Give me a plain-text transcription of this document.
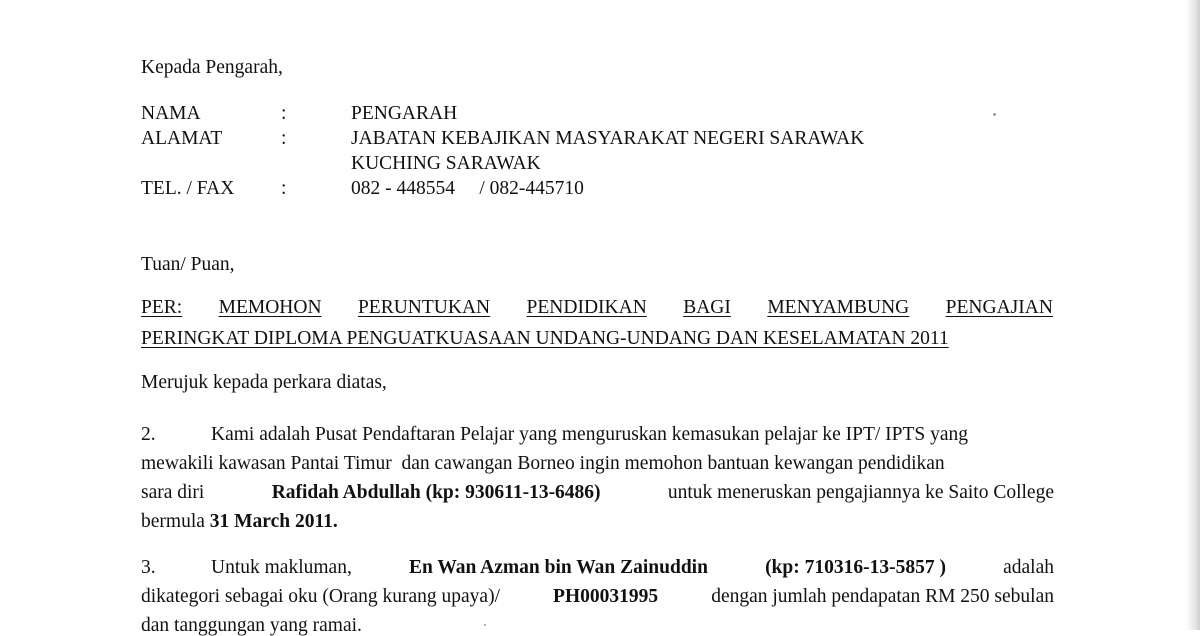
Kepada Pengarah,
NAMA	:	PENGARAH
ALAMAT	:	JABATAN KEBAJIKAN MASYARAKAT NEGERI SARAWAK
KUCHING SARAWAK
TEL. / FAX :	082 - 448554     / 082-445710
Tuan/ Puan,
PER: MEMOHON PERUNTUKAN PENDIDIKAN BAGI MENYAMBUNG PENGAJIAN
PERINGKAT DIPLOMA PENGUATKUASAAN UNDANG-UNDANG DAN KESELAMATAN 2011
Merujuk kepada perkara diatas,
2.	Kami adalah Pusat Pendaftaran Pelajar yang menguruskan kemasukan pelajar ke IPT/ IPTS yang
mewakili kawasan Pantai Timur  dan cawangan Borneo ingin memohon bantuan kewangan pendidikan
sara diri	Rafidah Abdullah (kp: 930611-13-6486)	untuk meneruskan pengajiannya ke Saito College
bermula 31 March 2011.
3.	Untuk makluman,	En Wan Azman bin Wan Zainuddin	(kp: 710316-13-5857 )	adalah
dikategori sebagai oku (Orang kurang upaya)/	PH00031995	dengan jumlah pendapatan RM 250 sebulan
dan tanggungan yang ramai.
